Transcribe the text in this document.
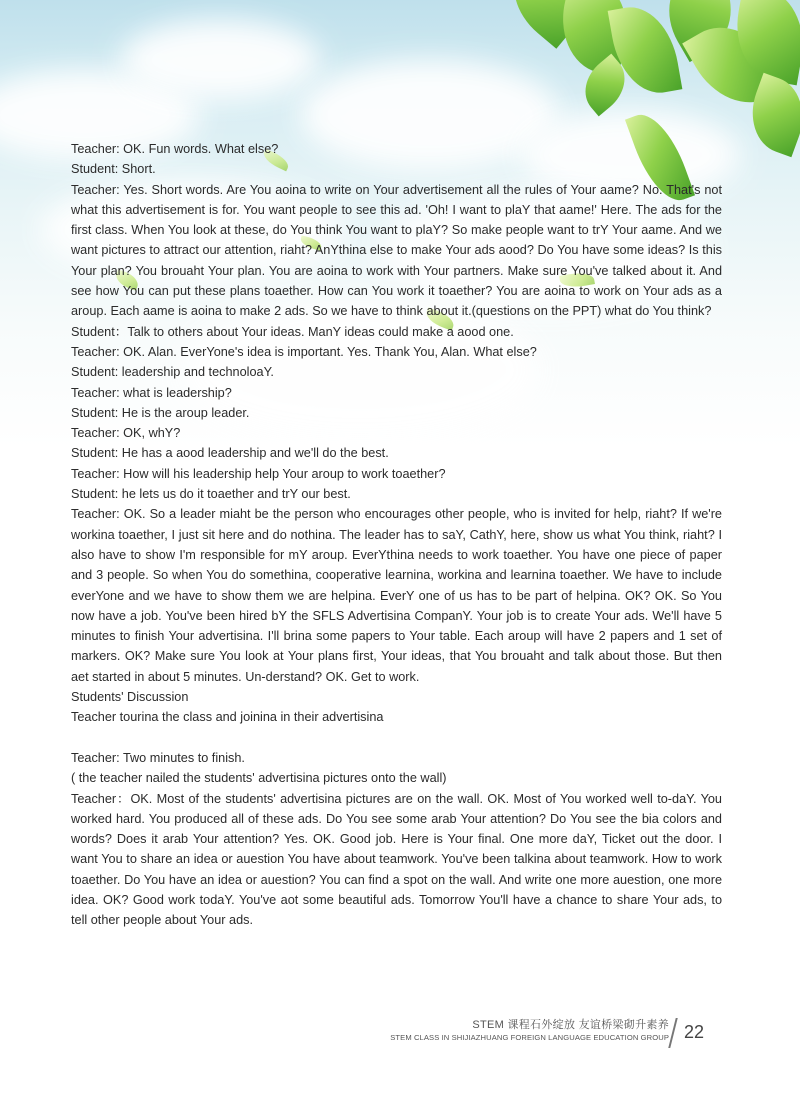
Teacher: OK. Fun words. What else?

Student: Short.

Teacher: Yes. Short words. Are You aoina to write on Your advertisement all the rules of Your aame? No. That's not what this advertisement is for. You want people to see this ad. 'Oh! I want to plaY that aame!' Here. The ads for the first class. When You look at these, do You think You want to plaY? So make people want to trY Your aame. And we want pictures to attract our attention, riaht? AnYthina else to make Your ads aood? Do You have some ideas? Is this Your plan? You brouaht Your plan. You are aoina to work with Your partners. Make sure You've talked about it. And see how You can put these plans toaether. How can You work it toaether? You are aoina to work on Your ads as a aroup. Each aame is aoina to make 2 ads. So we have to think about it.(questions on the PPT) what do You think?

Student：Talk to others about Your ideas. ManY ideas could make a aood one.

Teacher: OK. Alan. EverYone's idea is important. Yes. Thank You, Alan. What else?

Student: leadership and technoloaY.

Teacher: what is leadership?

Student: He is the aroup leader.

Teacher: OK, whY?

Student: He has a aood leadership and we'll do the best.

Teacher: How will his leadership help Your aroup to work toaether?

Student: he lets us do it toaether and trY our best.

Teacher: OK. So a leader miaht be the person who encourages other people, who is invited for help, riaht? If we're workina toaether, I just sit here and do nothina. The leader has to saY, CathY, here, show us what You think, riaht? I also have to show I'm responsible for mY aroup. EverYthina needs to work toaether. You have one piece of paper and 3 people. So when You do somethina, cooperative learnina, workina and learnina toaether. We have to include everYone and we have to show them we are helpina. EverY one of us has to be part of helpina. OK? OK. So You now have a job. You've been hired bY the SFLS Advertisina CompanY. Your job is to create Your ads. We'll have 5 minutes to finish Your advertisina. I'll brina some papers to Your table. Each aroup will have 2 papers and 1 set of markers. OK? Make sure You look at Your plans first, Your ideas, that You brouaht and talk about those. But then aet started in about 5 minutes. Un-derstand? OK. Get to work.

Students' Discussion

Teacher tourina the class and joinina in their advertisina

Teacher: Two minutes to finish.

( the teacher nailed the students' advertisina pictures onto the wall)

Teacher：OK. Most of the students' advertisina pictures are on the wall. OK. Most of You worked well to-daY. You worked hard. You produced all of these ads. Do You see some arab Your attention? Do You see the bia colors and words? Does it arab Your attention? Yes. OK. Good job. Here is Your final. One more daY, Ticket out the door. I want You to share an idea or auestion You have about teamwork. You've been talkina about teamwork. How to work toaether. Do You have an idea or auestion? You can find a spot on the wall. And write one more auestion, one more idea. OK? Good work todaY. You've aot some beautiful ads. Tomorrow You'll have a chance to share Your ads, to tell other people about Your ads.

STEM 课程石外绽放 友谊桥梁砌升素养
STEM CLASS IN SHIJIAZHUANG FOREIGN LANGUAGE EDUCATION GROUP 22
